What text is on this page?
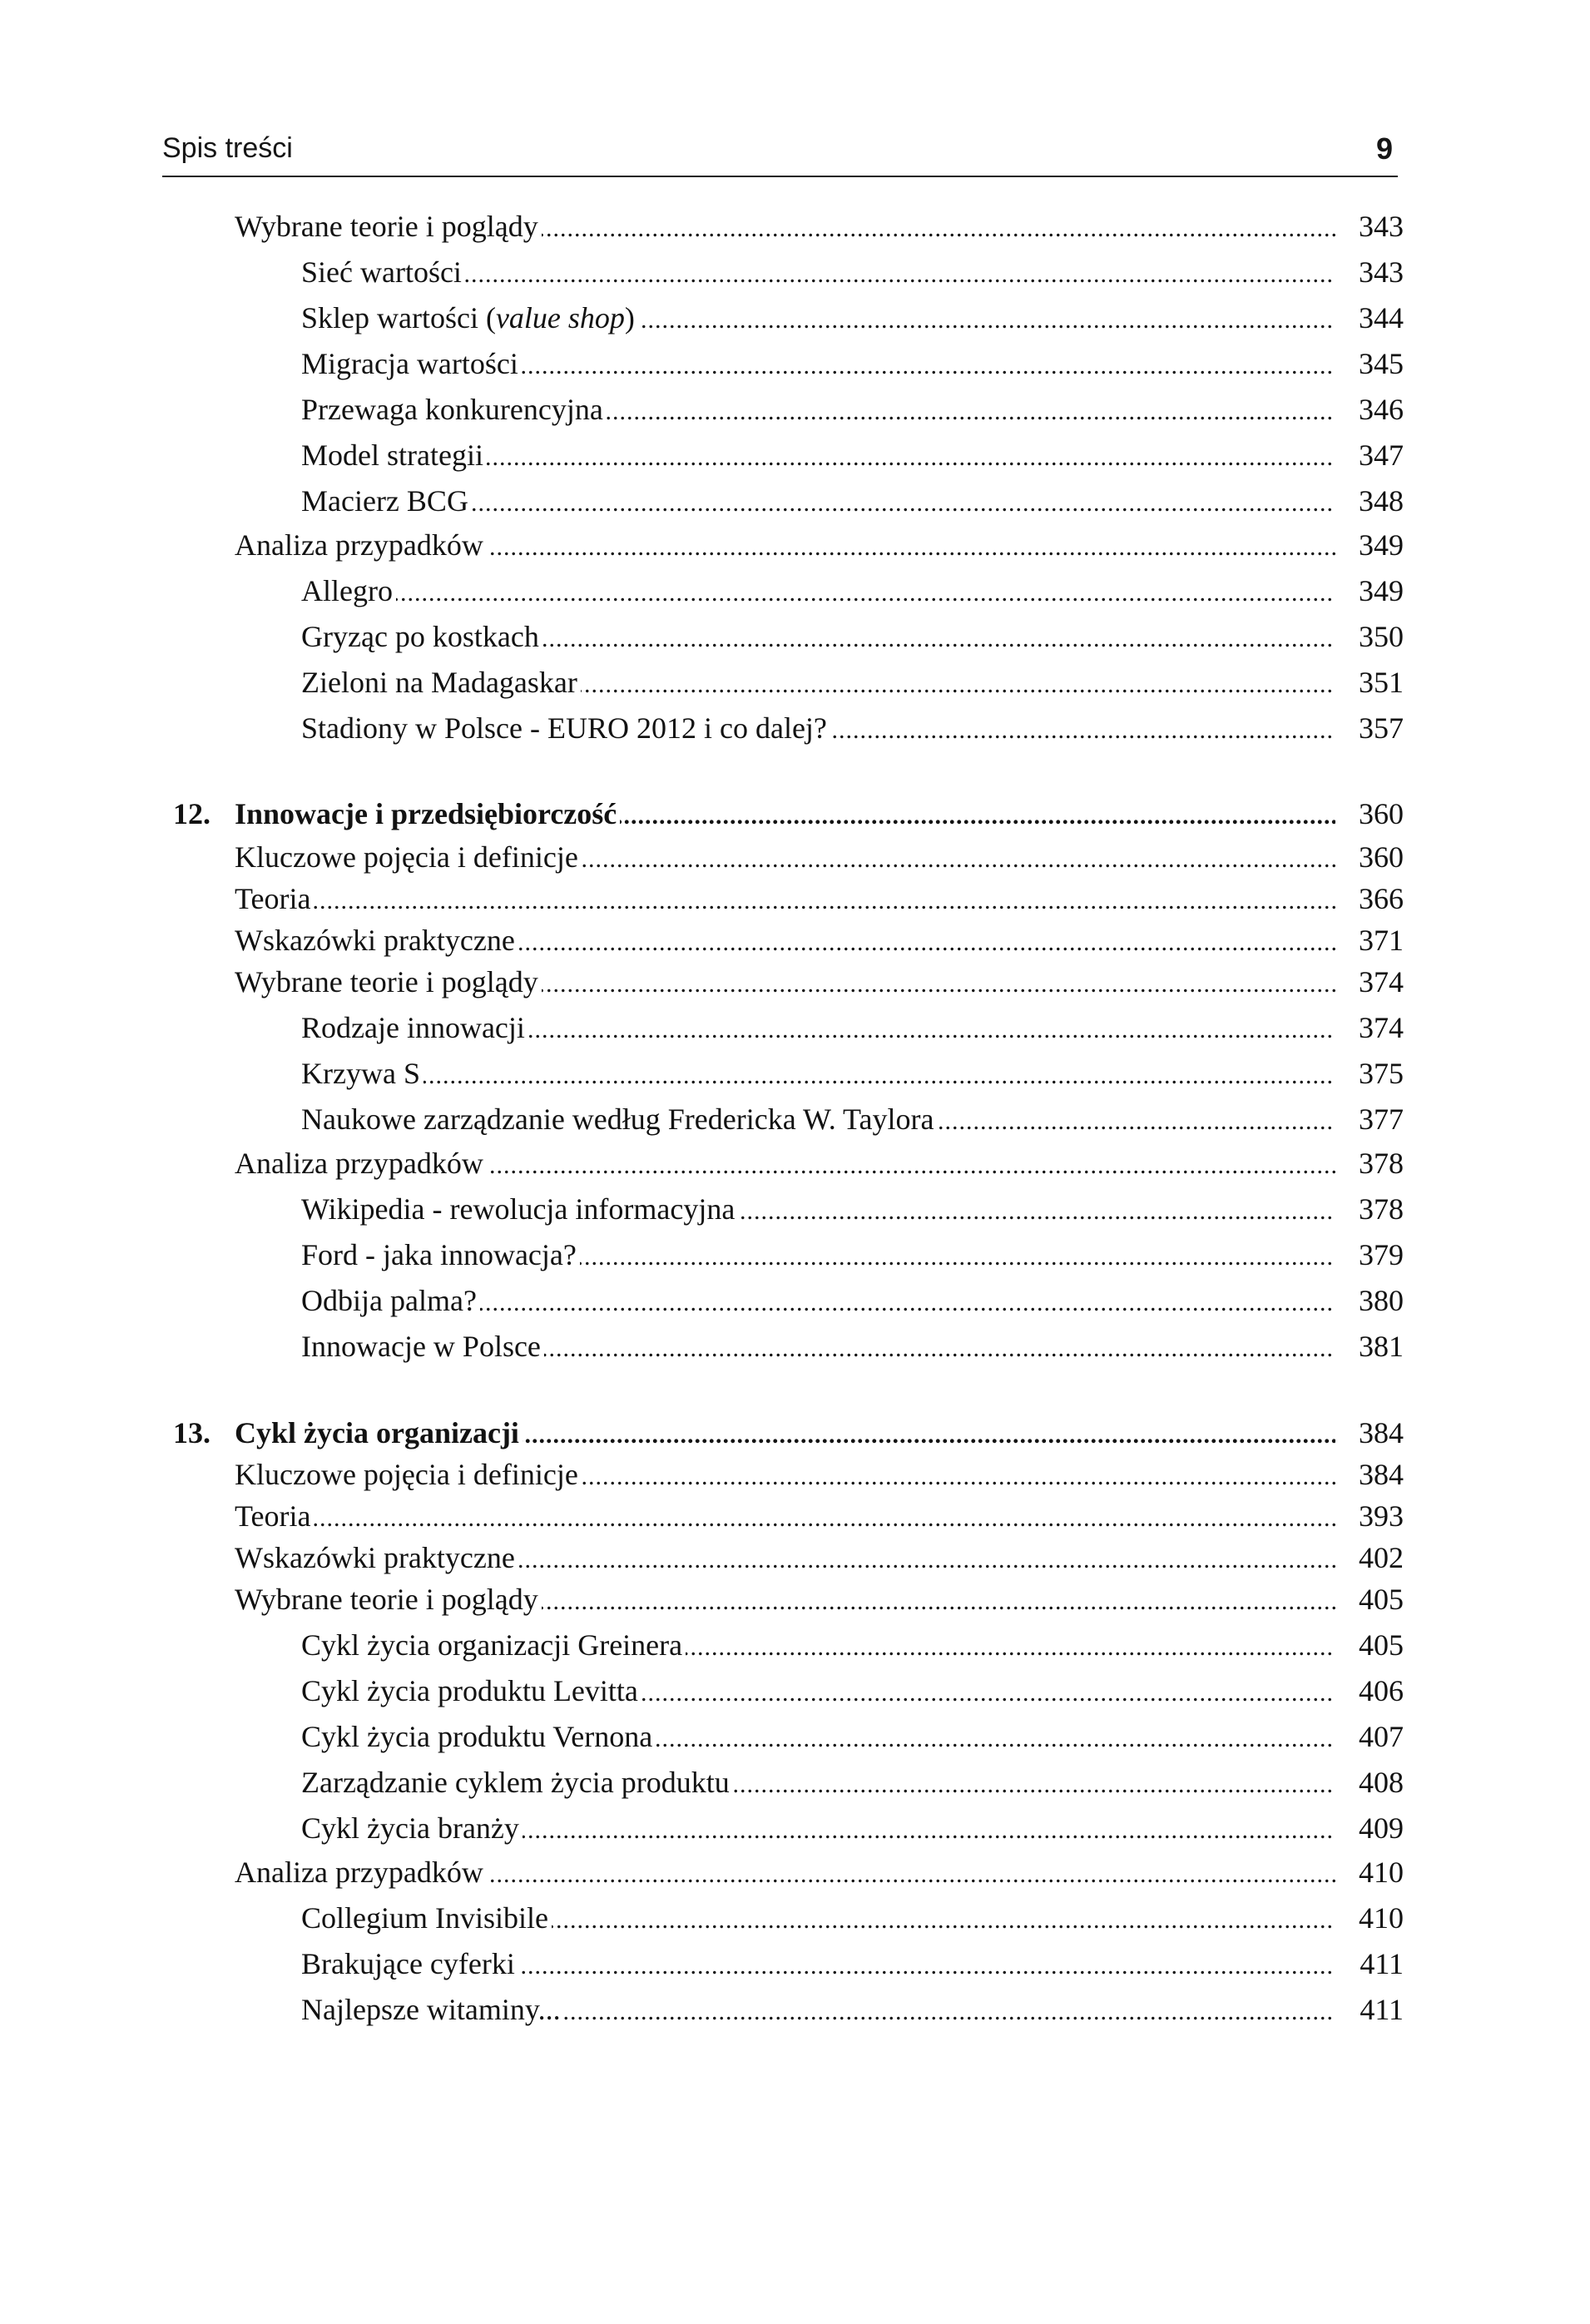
Spis treści	9
.....
Wybrane teorie i poglądy	343
.....
Sieć wartości	343
.....
Sklep wartości (value shop)	344
.....
Migracja wartości	345
.....
Przewaga konkurencyjna	346
.....
Model strategii	347
.....
Macierz BCG	348
.....
Analiza przypadków	349
.....
Allegro	349
.....
Gryząc po kostkach	350
.....
Zieloni na Madagaskar	351
.....
Stadiony w Polsce - EURO 2012 i co dalej?	357
12. ..... Innowacje i przedsiębiorczość	360
.....
Kluczowe pojęcia i definicje	360
.....
Teoria	366
.....
Wskazówki praktyczne	371
.....
Wybrane teorie i poglądy	374
.....
Rodzaje innowacji	374
.....
Krzywa S	375
.....
Naukowe zarządzanie według Fredericka W. Taylora	377
.....
Analiza przypadków	378
.....
Wikipedia - rewolucja informacyjna	378
.....
Ford - jaka innowacja?	379
.....
Odbija palma?	380
.....
Innowacje w Polsce	381
13. ..... Cykl życia organizacji	384
.....
Kluczowe pojęcia i definicje	384
.....
Teoria	393
.....
Wskazówki praktyczne	402
.....
Wybrane teorie i poglądy	405
.....
Cykl życia organizacji Greinera	405
.....
Cykl życia produktu Levitta	406
.....
Cykl życia produktu Vernona	407
.....
Zarządzanie cyklem życia produktu	408
.....
Cykl życia branży	409
.....
Analiza przypadków	410
.....
Collegium Invisibile	410
.....
Brakujące cyferki	411
.....
Najlepsze witaminy...	411
